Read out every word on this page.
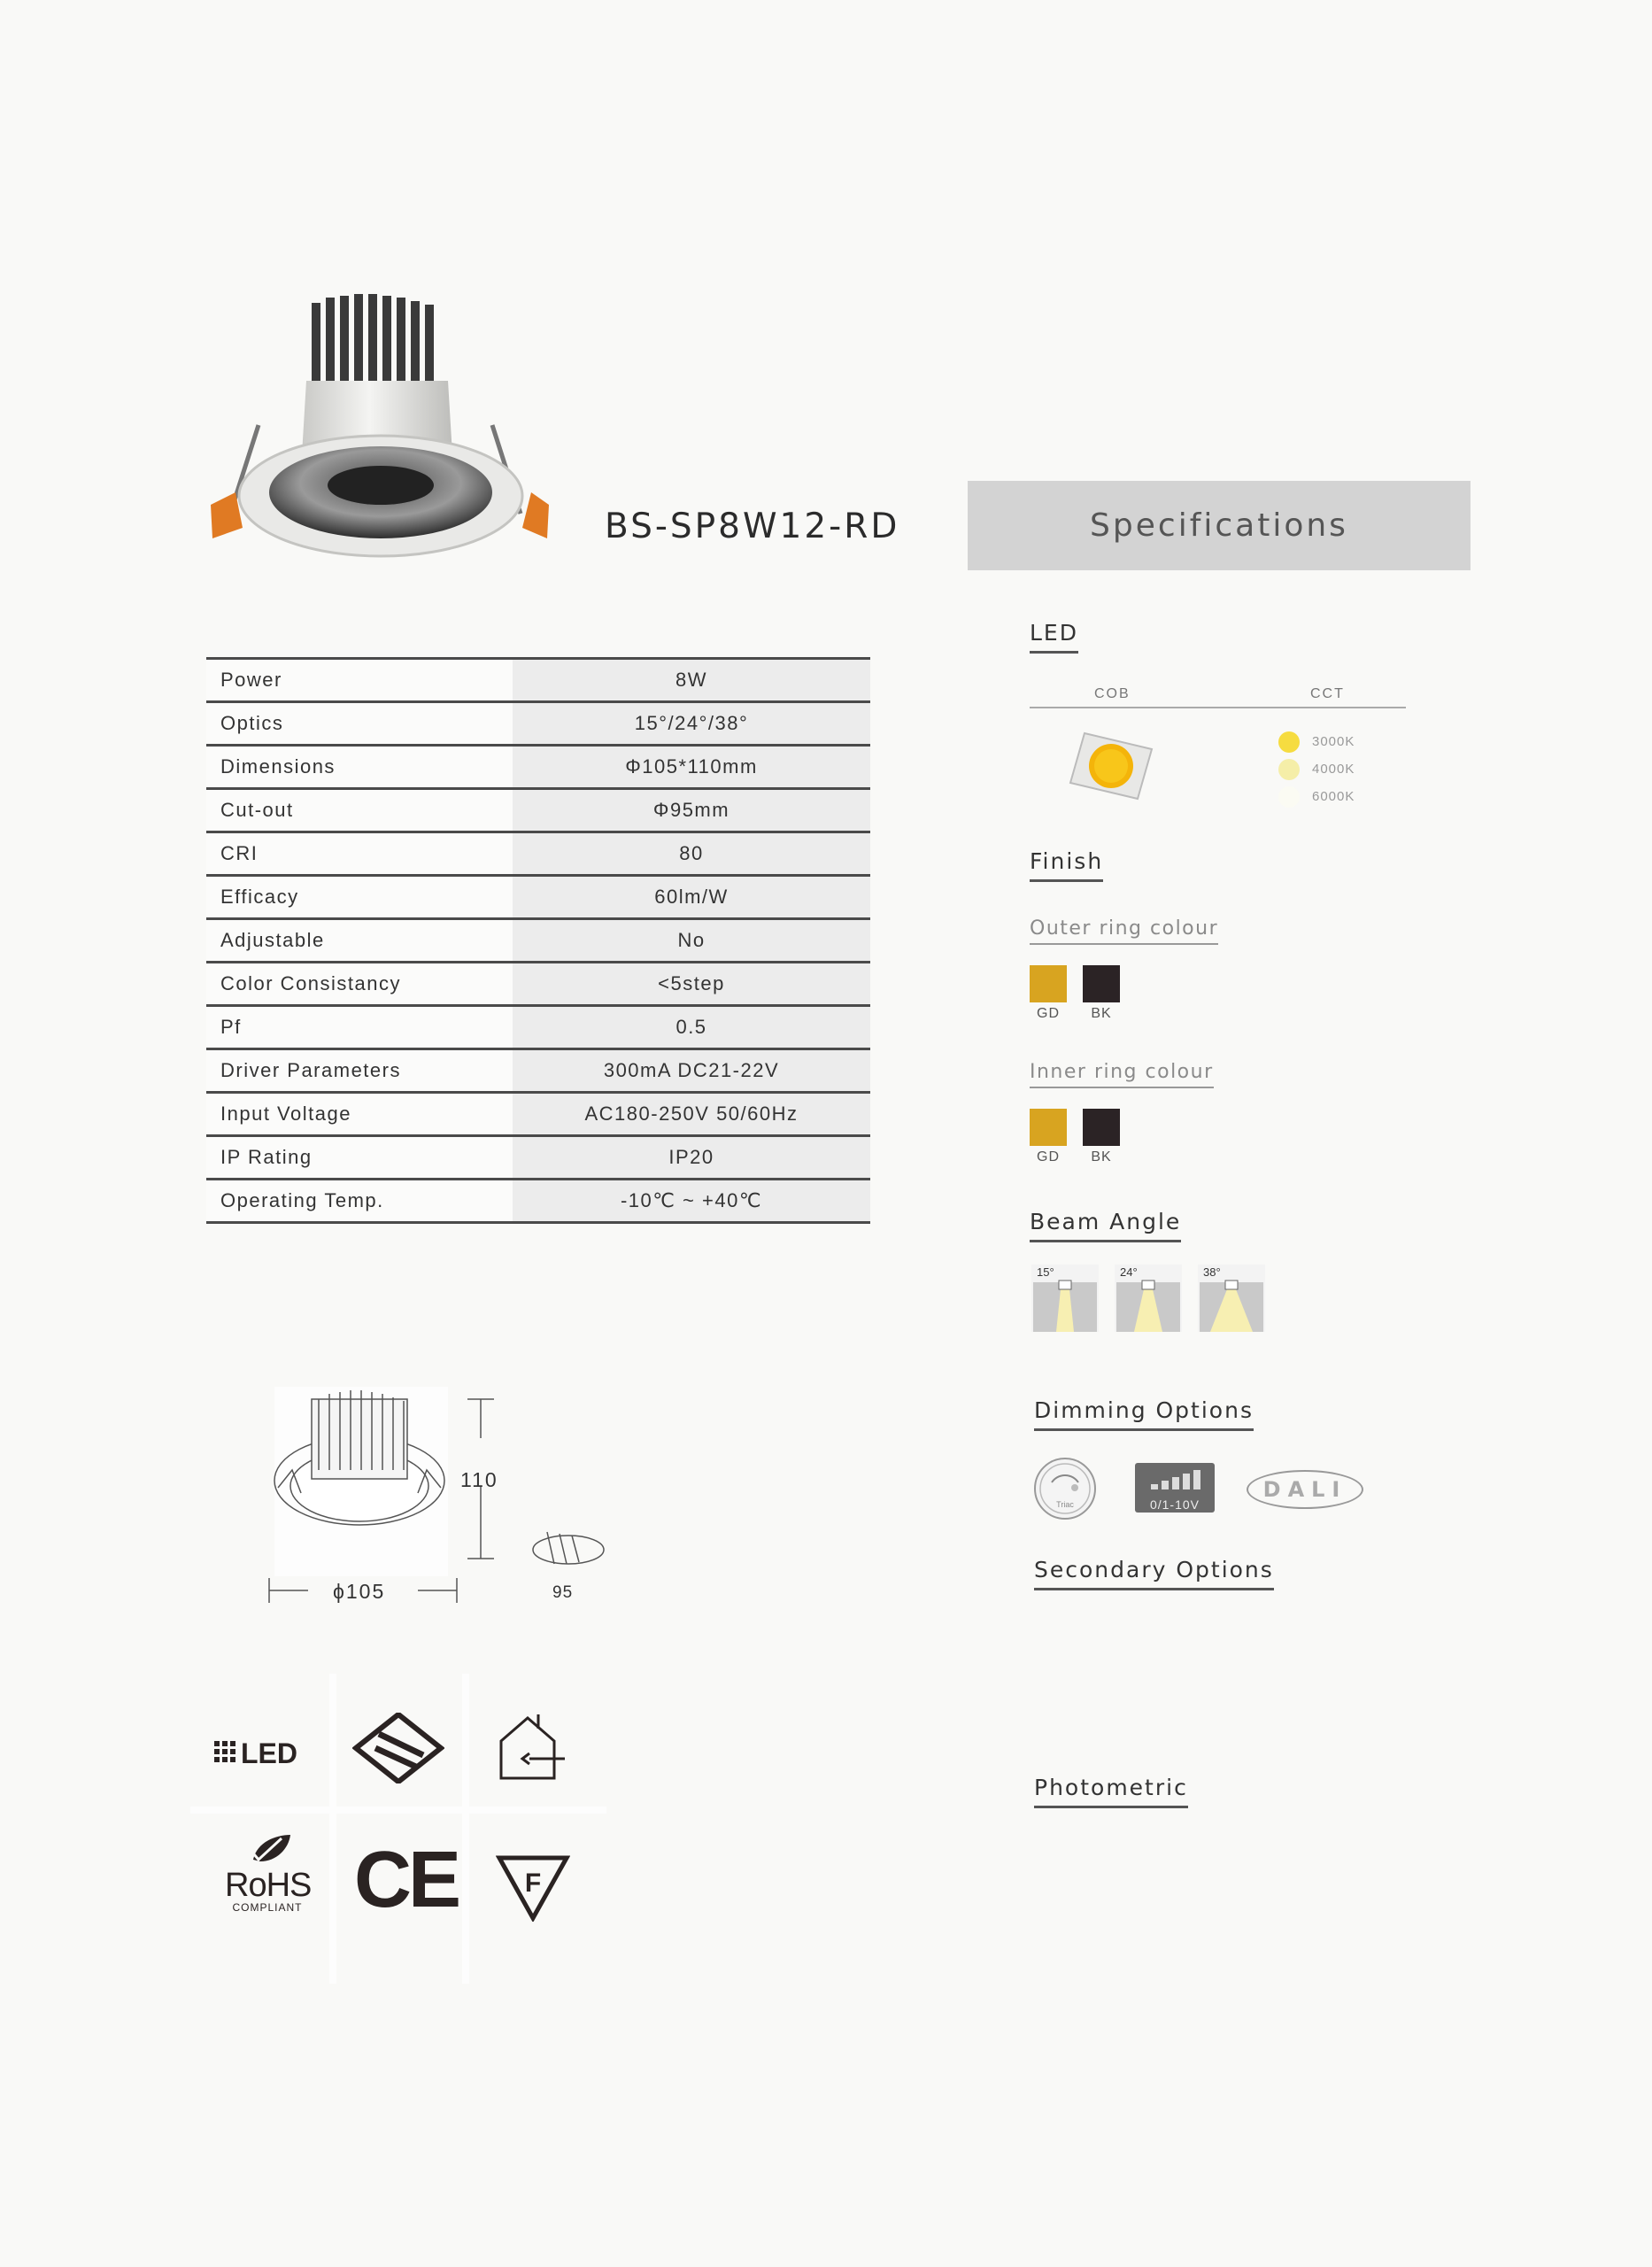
BS-SP8W12-RD	Specifications
Power	8W
Optics	15°/24°/38°
Dimensions	Φ105*110mm
Cut-out	Φ95mm
CRI	80
Efficacy	60lm/W
Adjustable	No
Color Consistancy	<5step
Pf	0.5
Driver Parameters	300mA DC21-22V
Input Voltage	AC180-250V 50/60Hz
IP Rating	IP20
Operating Temp.	-10℃ ~ +40℃
LED
COB	CCT
3000K
4000K
6000K
Finish
Outer ring colour
GD	BK
Inner ring colour
GD	BK
Beam Angle
15°	24°	38°
Dimming Options
Triac	0/1-10V
DALI
Secondary Options
Photometric
110
ϕ105	95
LED
RoHS
COMPLIANT CE	F
